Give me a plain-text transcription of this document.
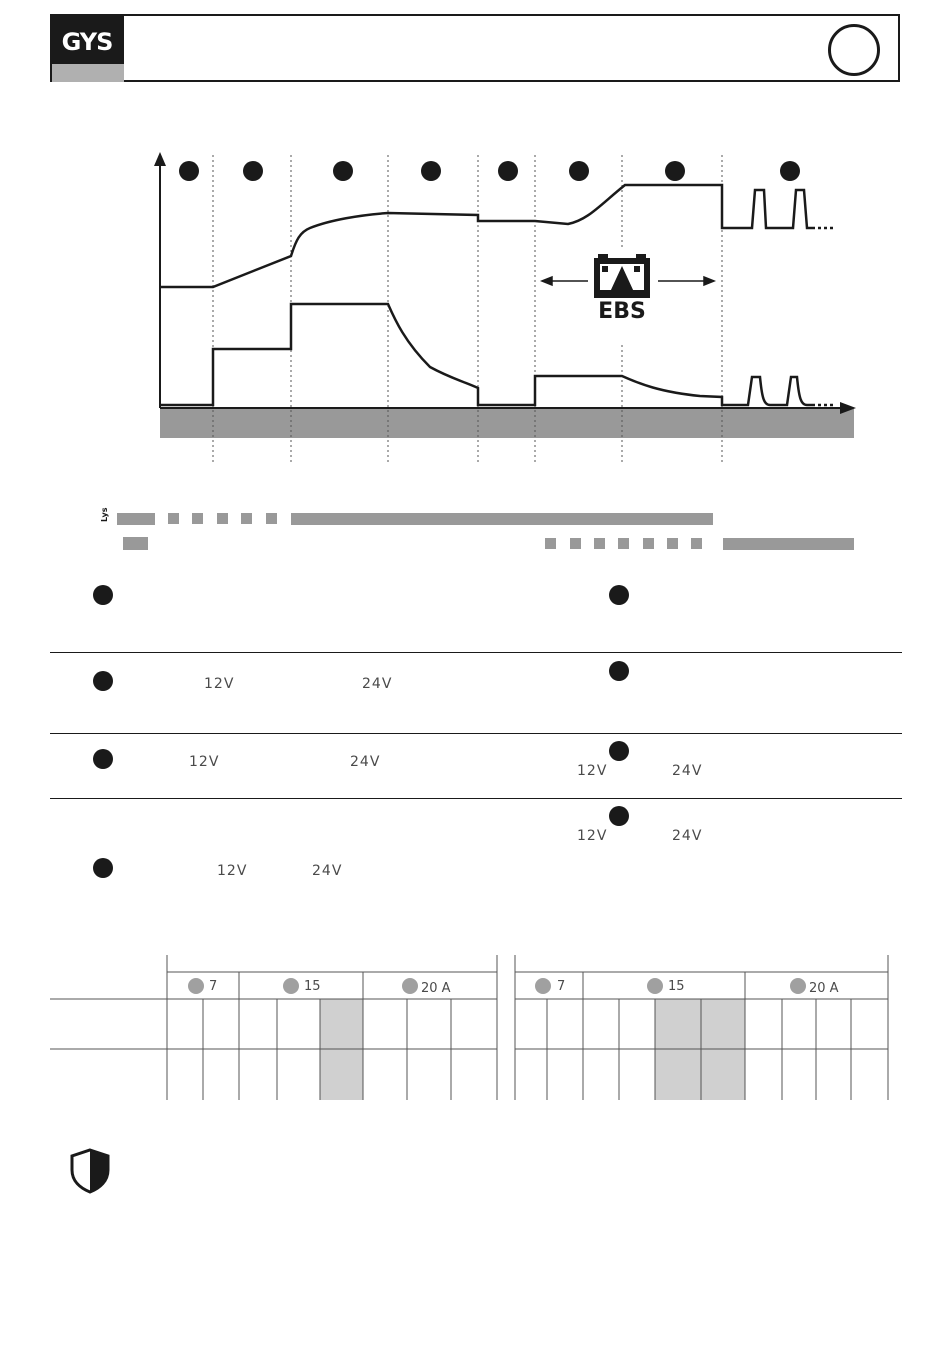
GYS
EBS
Lys
12V	24V
12V	24V
12V	24V
12V	24V
12V	24V
7	15	20 A	7	15	20 A
